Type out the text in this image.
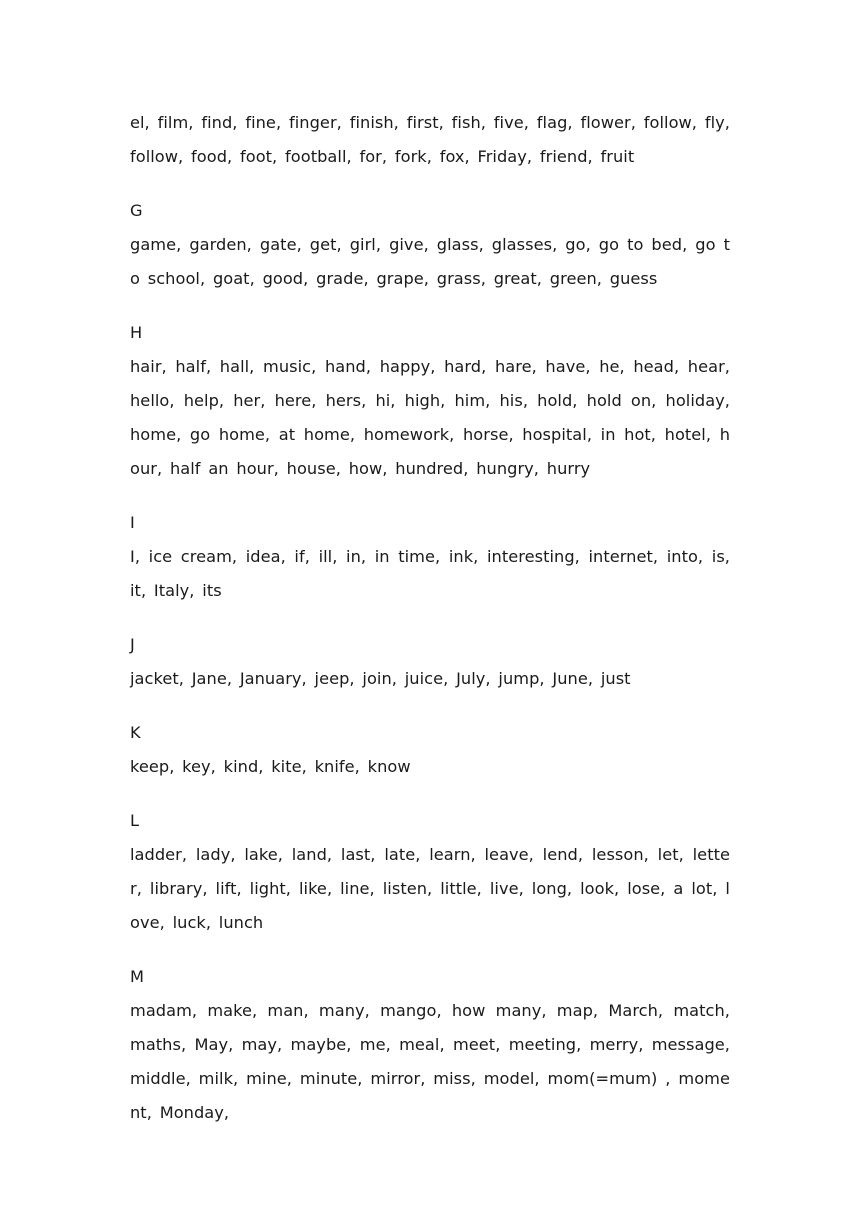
el, film, find, fine, finger, finish, first, fish, five, flag, flower, follow, fly, follow, food, foot, football, for, fork, fox, Friday, friend, fruit

G

game, garden, gate, get, girl, give, glass, glasses, go, go to bed, go to school, goat, good, grade, grape, grass, great, green, guess

H

hair, half, hall, music, hand, happy, hard, hare, have, he, head, hear, hello, help, her, here, hers, hi, high, him, his, hold, hold on, holiday, home, go home, at home, homework, horse, hospital, in hot, hotel, hour, half an hour, house, how, hundred, hungry, hurry

I

I, ice cream, idea, if, ill, in, in time, ink, interesting, internet, into, is, it, Italy, its

J

jacket, Jane, January, jeep, join, juice, July, jump, June, just

K

keep, key, kind, kite, knife, know

L

ladder, lady, lake, land, last, late, learn, leave, lend, lesson, let, letter, library, lift, light, like, line, listen, little, live, long, look, lose, a lot, love, luck, lunch

M

madam, make, man, many, mango, how many, map, March, match, maths, May, may, maybe, me, meal, meet, meeting, merry, message, middle, milk, mine, minute, mirror, miss, model, mom(=mum) , moment, Monday,
